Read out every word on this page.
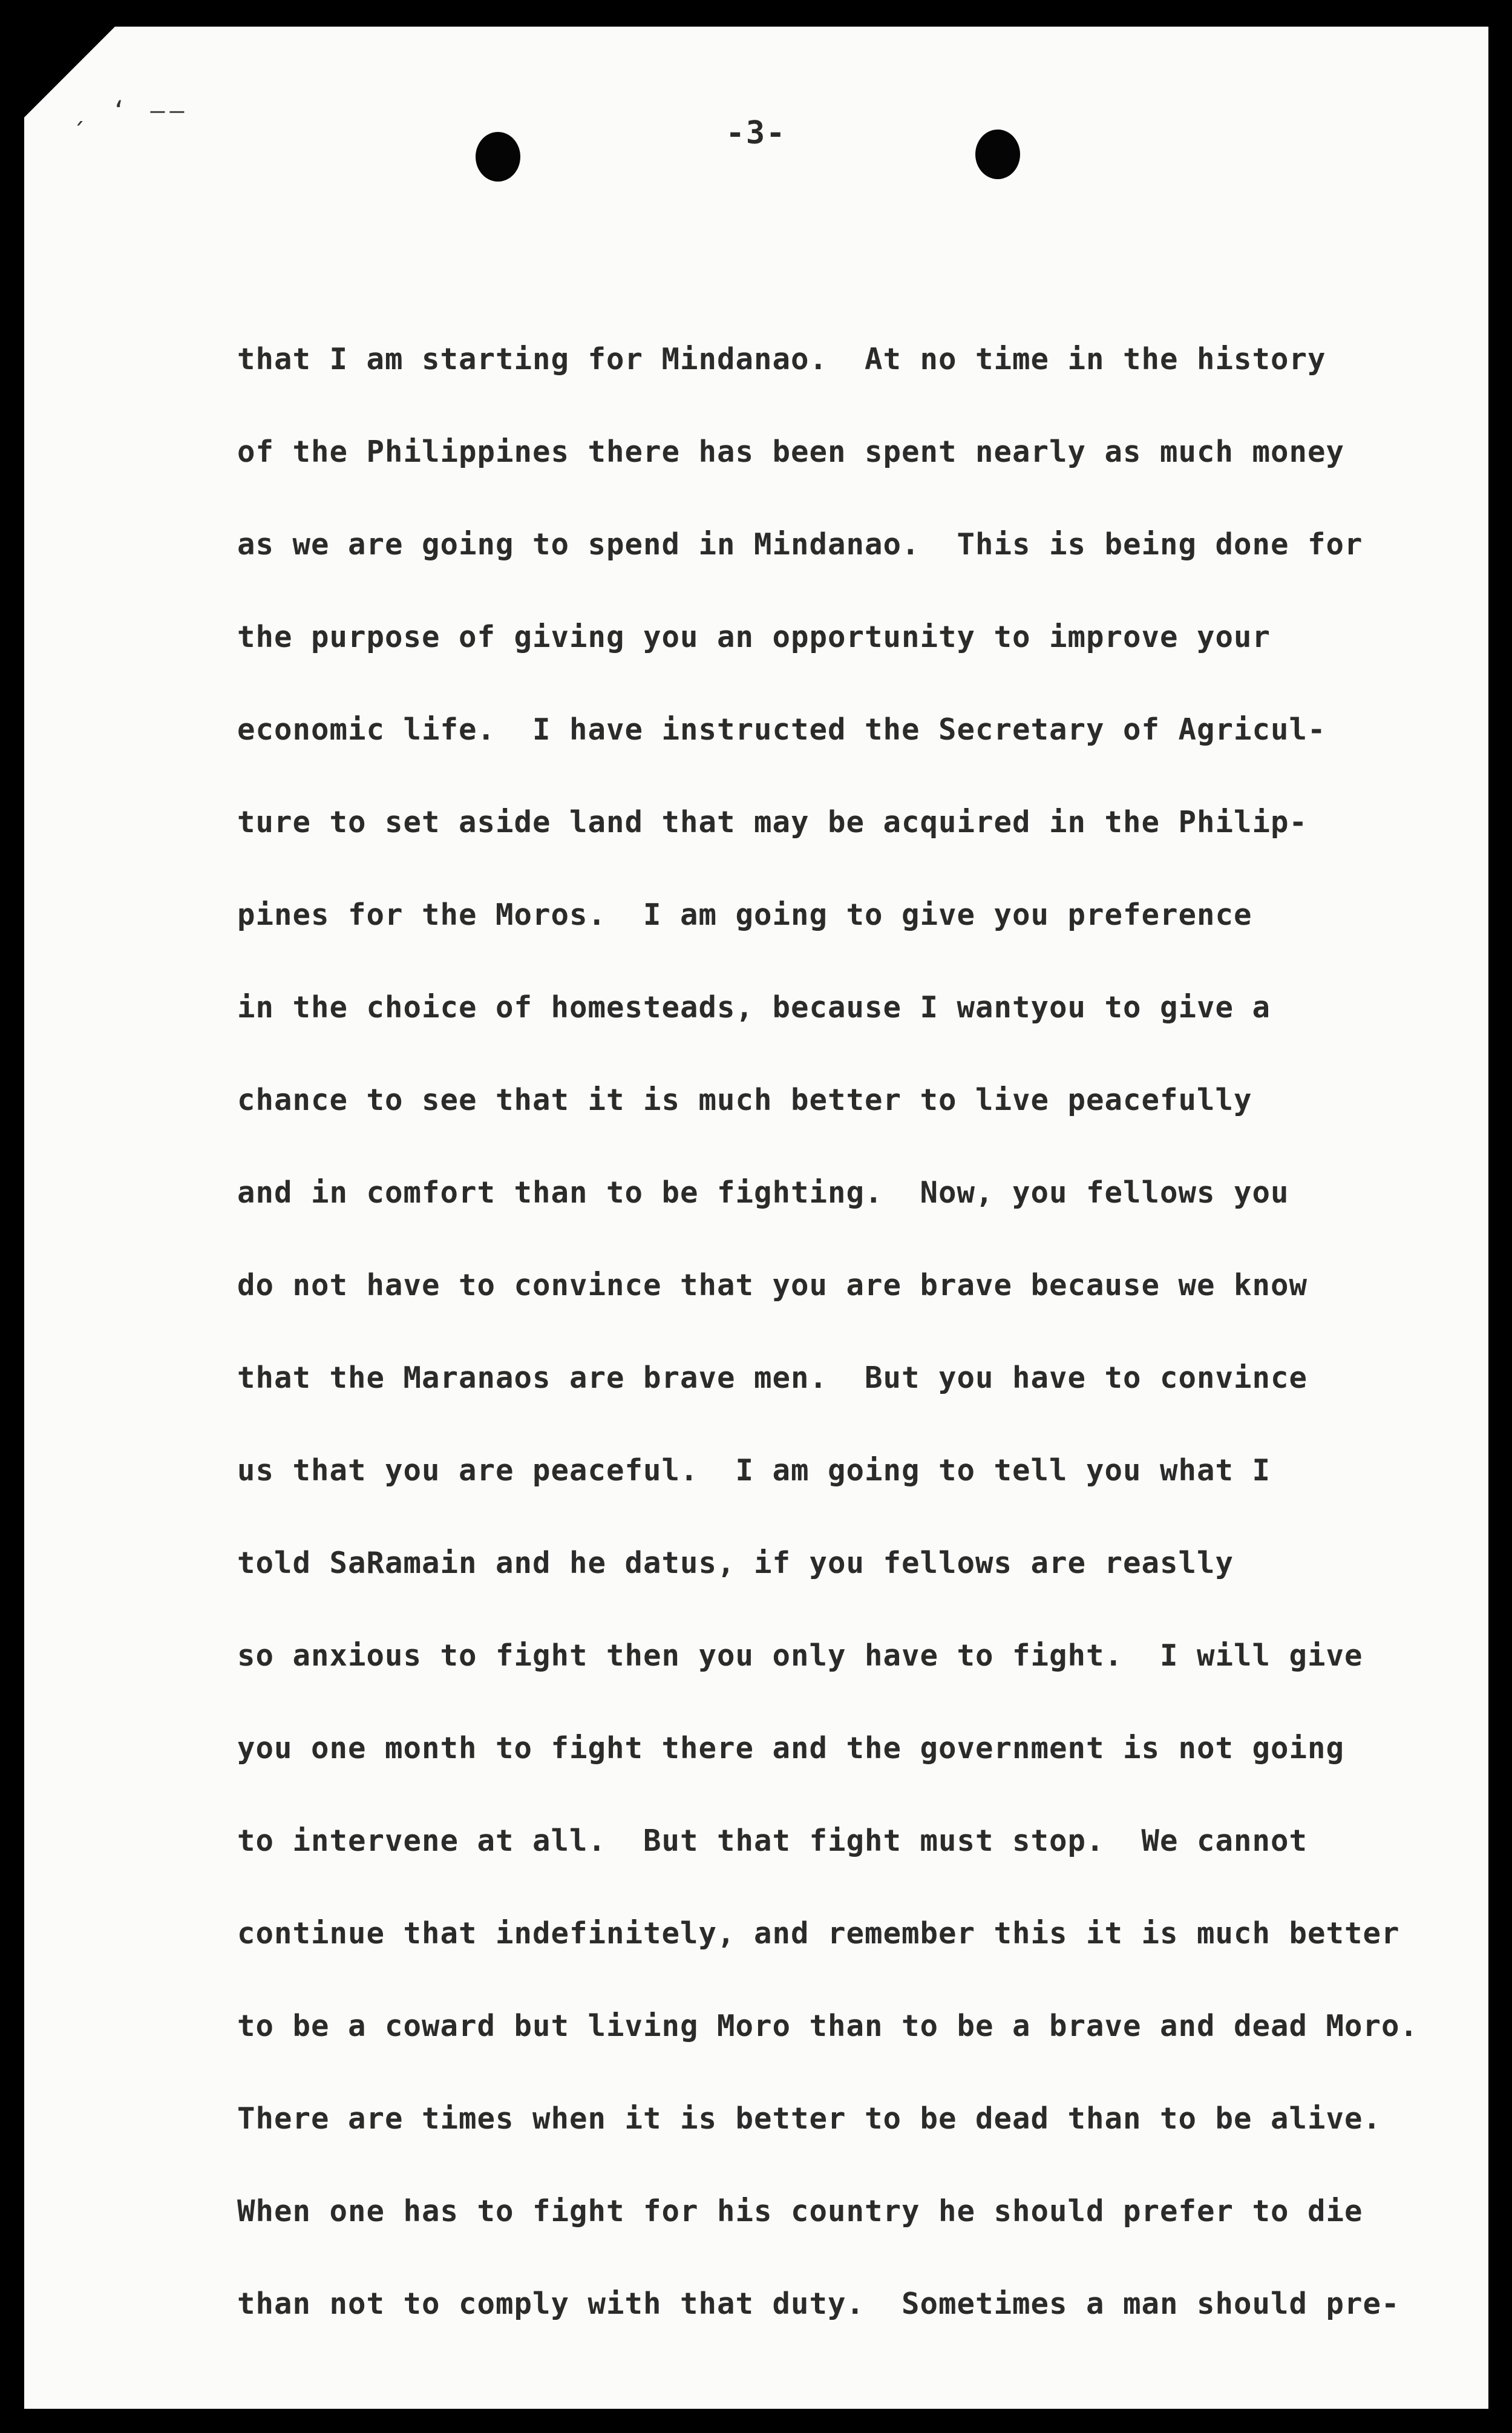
ˏ ‘ ‒‒
-3-
that I am starting for Mindanao.  At no time in the history
of the Philippines there has been spent nearly as much money
as we are going to spend in Mindanao.  This is being done for
the purpose of giving you an opportunity to improve your
economic life.  I have instructed the Secretary of Agricul-
ture to set aside land that may be acquired in the Philip-
pines for the Moros.  I am going to give you preference
in the choice of homesteads, because I wantyou to give a
chance to see that it is much better to live peacefully
and in comfort than to be fighting.  Now, you fellows you
do not have to convince that you are brave because we know
that the Maranaos are brave men.  But you have to convince
us that you are peaceful.  I am going to tell you what I
told SaRamain and he datus, if you fellows are reaslly
so anxious to fight then you only have to fight.  I will give
you one month to fight there and the government is not going
to intervene at all.  But that fight must stop.  We cannot
continue that indefinitely, and remember this it is much better
to be a coward but living Moro than to be a brave and dead Moro.
There are times when it is better to be dead than to be alive.
When one has to fight for his country he should prefer to die
than not to comply with that duty.  Sometimes a man should pre-
